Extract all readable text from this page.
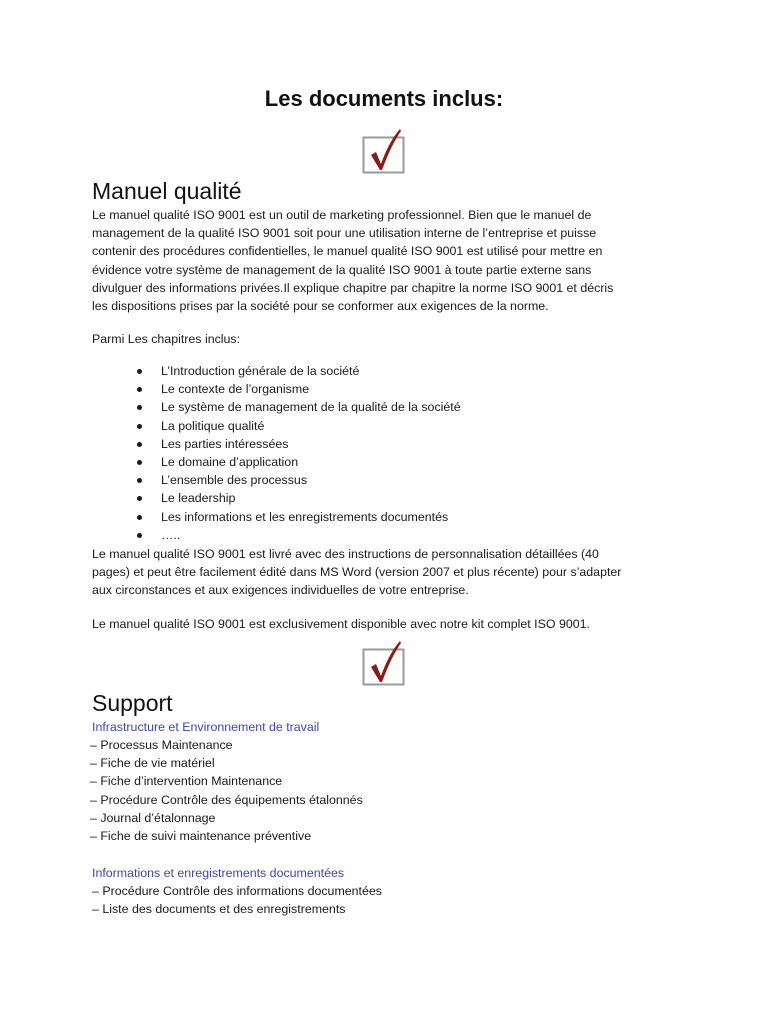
Les documents inclus:
Manuel qualité
Le manuel qualité ISO 9001 est un outil de marketing professionnel. Bien que le manuel de
management de la qualité ISO 9001 soit pour une utilisation interne de l’entreprise et puisse
contenir des procédures confidentielles, le manuel qualité ISO 9001 est utilisé pour mettre en
évidence votre système de management de la qualité ISO 9001 à toute partie externe sans
divulguer des informations privées.Il explique chapitre par chapitre la norme ISO 9001 et décris
les dispositions prises par la société pour se conformer aux exigences de la norme.

Parmi Les chapitres inclus:

L’Introduction générale de la société
Le contexte de l’organisme
Le système de management de la qualité de la société
La politique qualité
Les parties intéressées
Le domaine d’application
L’ensemble des processus
Le leadership
Les informations et les enregistrements documentés
…..
Le manuel qualité ISO 9001 est livré avec des instructions de personnalisation détaillées (40
pages) et peut être facilement édité dans MS Word (version 2007 et plus récente) pour s’adapter
aux circonstances et aux exigences individuelles de votre entreprise.

Le manuel qualité ISO 9001 est exclusivement disponible avec notre kit complet ISO 9001.

Support

Infrastructure et Environnement de travail

– Processus Maintenance
– Fiche de vie matériel
– Fiche d’intervention Maintenance
– Procédure Contrôle des équipements étalonnés
– Journal d’étalonnage
– Fiche de suivi maintenance préventive

Informations et enregistrements documentées

– Procédure Contrôle des informations documentées
– Liste des documents et des enregistrements
